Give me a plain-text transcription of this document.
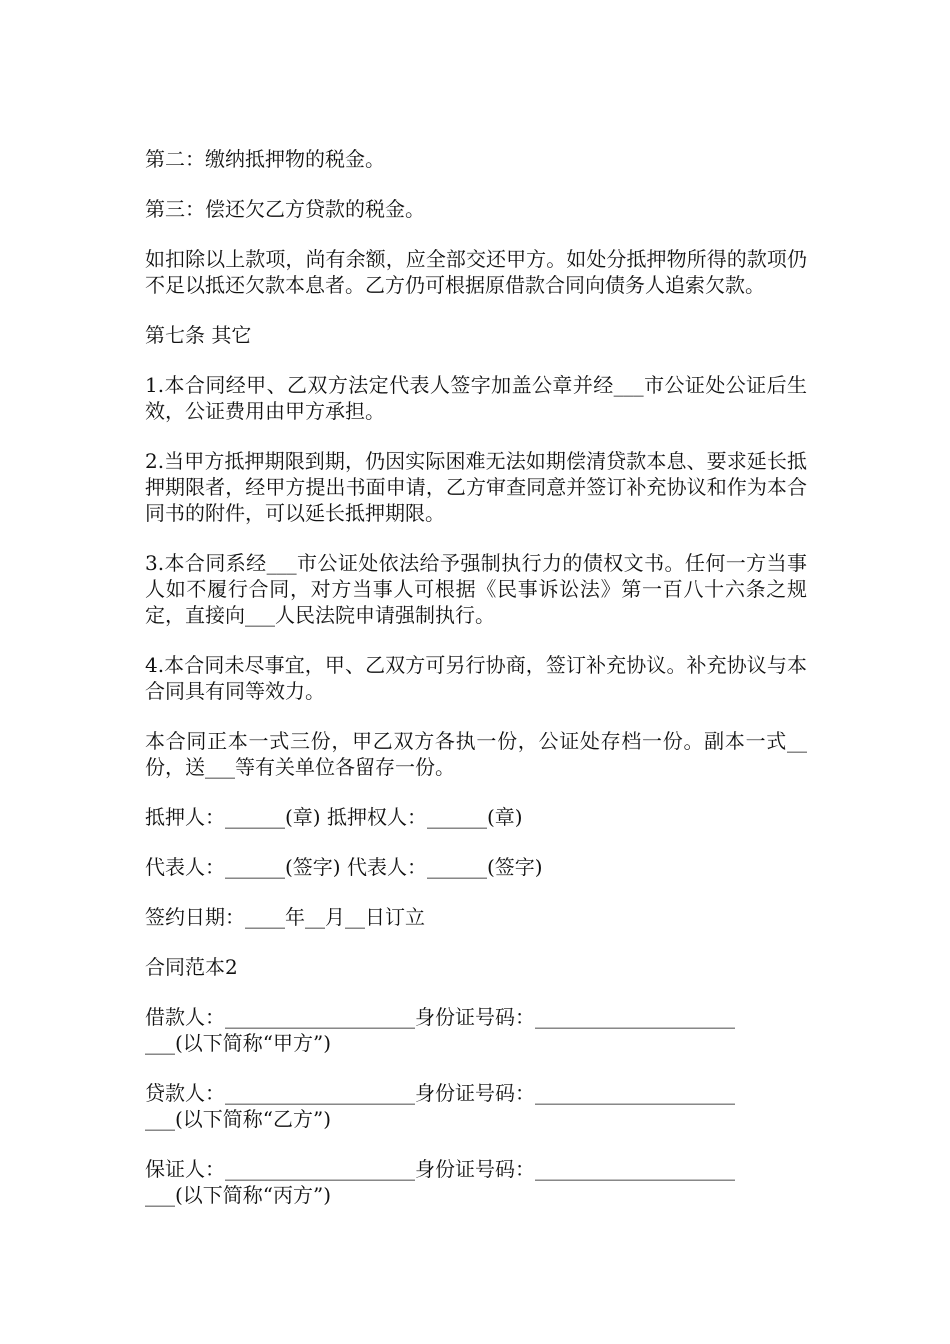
第二：缴纳抵押物的税金。

第三：偿还欠乙方贷款的税金。

如扣除以上款项，尚有余额，应全部交还甲方。如处分抵押物所得的款项仍不足以抵还欠款本息者。乙方仍可根据原借款合同向债务人追索欠款。

第七条 其它

1.本合同经甲、乙双方法定代表人签字加盖公章并经___市公证处公证后生效，公证费用由甲方承担。

2.当甲方抵押期限到期，仍因实际困难无法如期偿清贷款本息、要求延长抵押期限者，经甲方提出书面申请，乙方审查同意并签订补充协议和作为本合同书的附件，可以延长抵押期限。

3.本合同系经___市公证处依法给予强制执行力的债权文书。任何一方当事人如不履行合同，对方当事人可根据《民事诉讼法》第一百八十六条之规定，直接向___人民法院申请强制执行。

4.本合同未尽事宜，甲、乙双方可另行协商，签订补充协议。补充协议与本合同具有同等效力。

本合同正本一式三份，甲乙双方各执一份，公证处存档一份。副本一式__份，送___等有关单位各留存一份。

抵押人：______(章) 抵押权人：______(章)

代表人：______(签字) 代表人：______(签字)

签约日期：____年__月__日订立

合同范本2

借款人：___________________身份证号码：____________________
___(以下简称“甲方”)
贷款人：___________________身份证号码：____________________
___(以下简称“乙方”)
保证人：___________________身份证号码：____________________
___(以下简称“丙方”)
